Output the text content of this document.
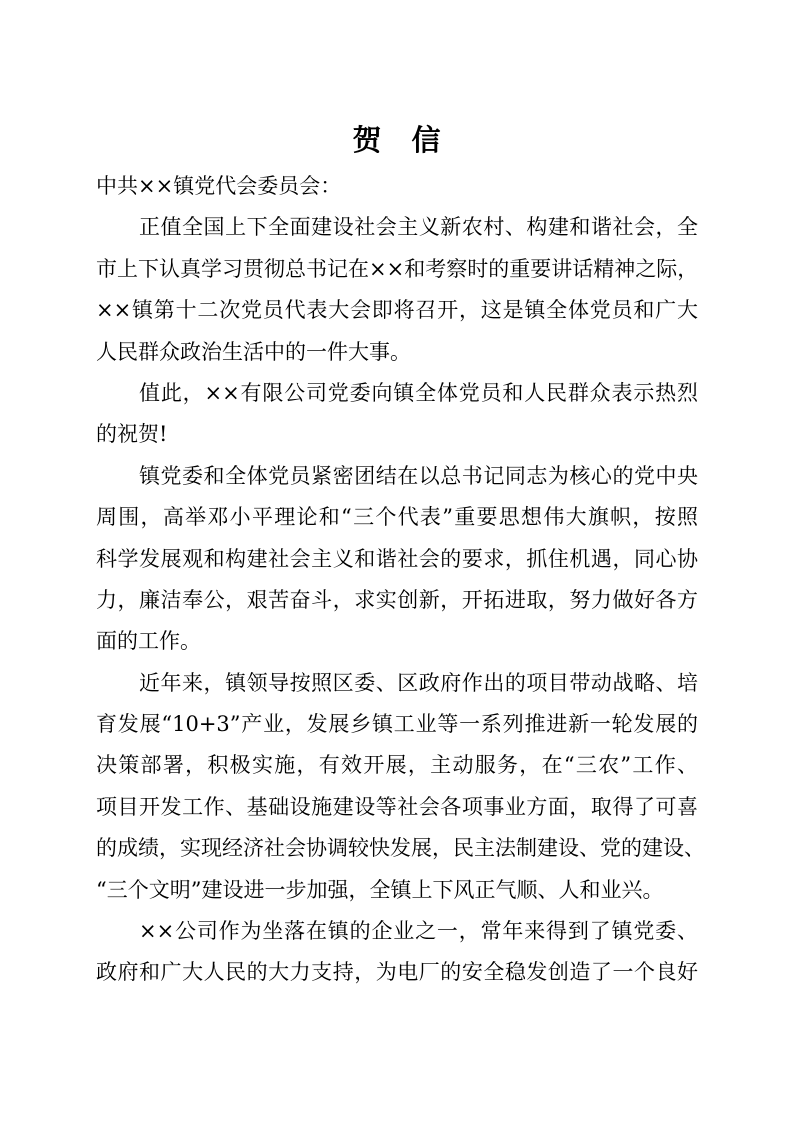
贺 信
中共××镇党代会委员会：
正值全国上下全面建设社会主义新农村、构建和谐社会，全
市上下认真学习贯彻总书记在××和考察时的重要讲话精神之际，
××镇第十二次党员代表大会即将召开，这是镇全体党员和广大
人民群众政治生活中的一件大事。
值此，××有限公司党委向镇全体党员和人民群众表示热烈
的祝贺!
镇党委和全体党员紧密团结在以总书记同志为核心的党中央
周围，高举邓小平理论和“三个代表”重要思想伟大旗帜，按照
科学发展观和构建社会主义和谐社会的要求，抓住机遇，同心协
力，廉洁奉公，艰苦奋斗，求实创新，开拓进取，努力做好各方
面的工作。
近年来，镇领导按照区委、区政府作出的项目带动战略、培
育发展“10+3”产业，发展乡镇工业等一系列推进新一轮发展的
决策部署，积极实施，有效开展，主动服务，在“三农”工作、
项目开发工作、基础设施建设等社会各项事业方面，取得了可喜
的成绩，实现经济社会协调较快发展，民主法制建设、党的建设、
“三个文明”建设进一步加强，全镇上下风正气顺、人和业兴。
××公司作为坐落在镇的企业之一，常年来得到了镇党委、
政府和广大人民的大力支持，为电厂的安全稳发创造了一个良好
